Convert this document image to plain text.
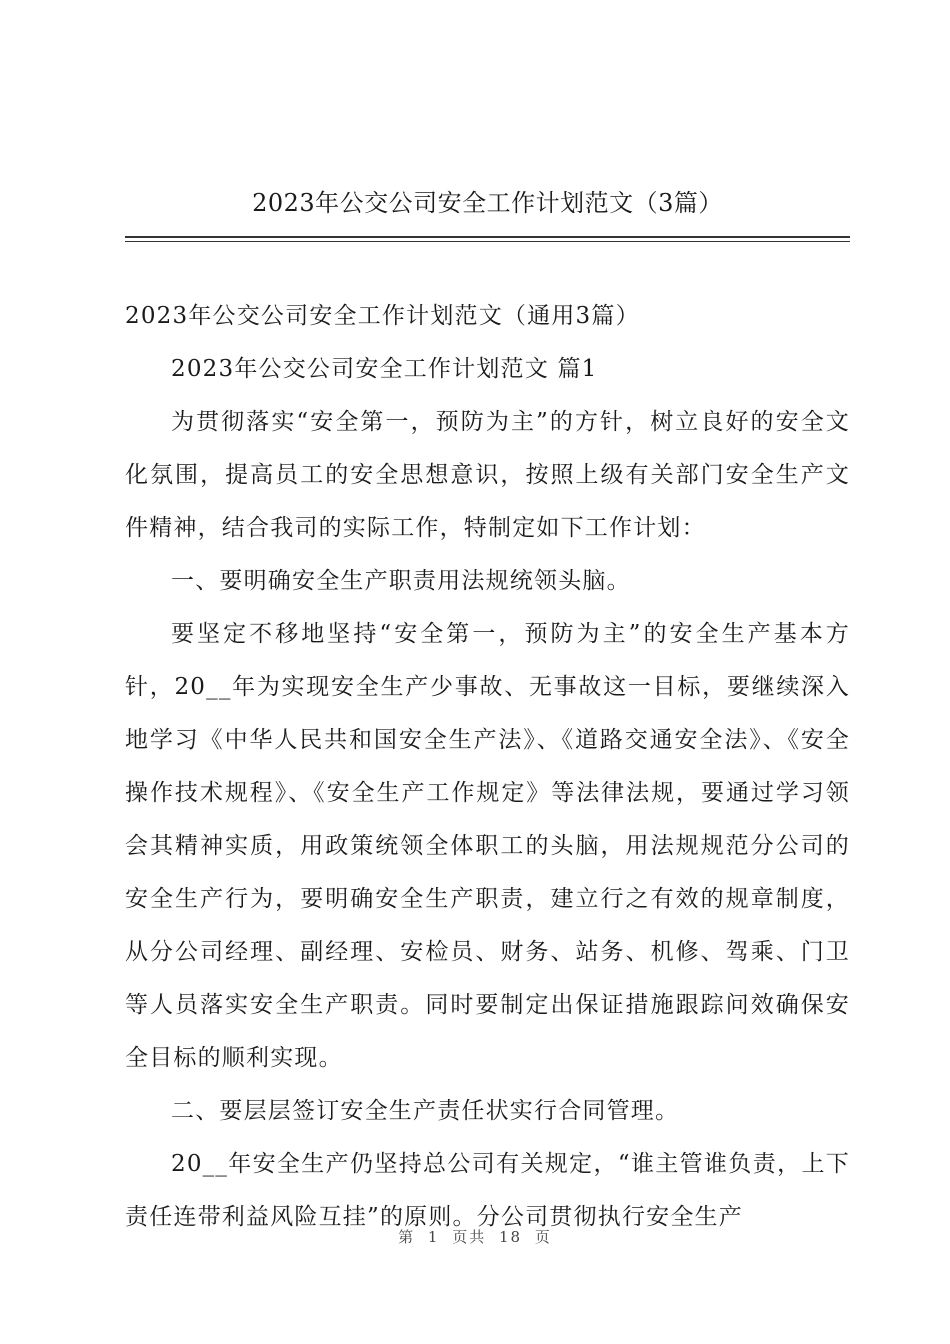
2023年公交公司安全工作计划范文（3篇）

2023年公交公司安全工作计划范文（通用3篇）

2023年公交公司安全工作计划范文 篇1

为贯彻落实“安全第一，预防为主”的方针，树立良好的安全文化氛围，提高员工的安全思想意识，按照上级有关部门安全生产文件精神，结合我司的实际工作，特制定如下工作计划：

一、要明确安全生产职责用法规统领头脑。

要坚定不移地坚持“安全第一，预防为主”的安全生产基本方针，20__年为实现安全生产少事故、无事故这一目标，要继续深入地学习《中华人民共和国安全生产法》、《道路交通安全法》、《安全操作技术规程》、《安全生产工作规定》等法律法规，要通过学习领会其精神实质，用政策统领全体职工的头脑，用法规规范分公司的安全生产行为，要明确安全生产职责，建立行之有效的规章制度，从分公司经理、副经理、安检员、财务、站务、机修、驾乘、门卫等人员落实安全生产职责。同时要制定出保证措施跟踪问效确保安全目标的顺利实现。

二、要层层签订安全生产责任状实行合同管理。

20__年安全生产仍坚持总公司有关规定，“谁主管谁负责，上下责任连带利益风险互挂”的原则。分公司贯彻执行安全生产

第 1 页共 18 页
